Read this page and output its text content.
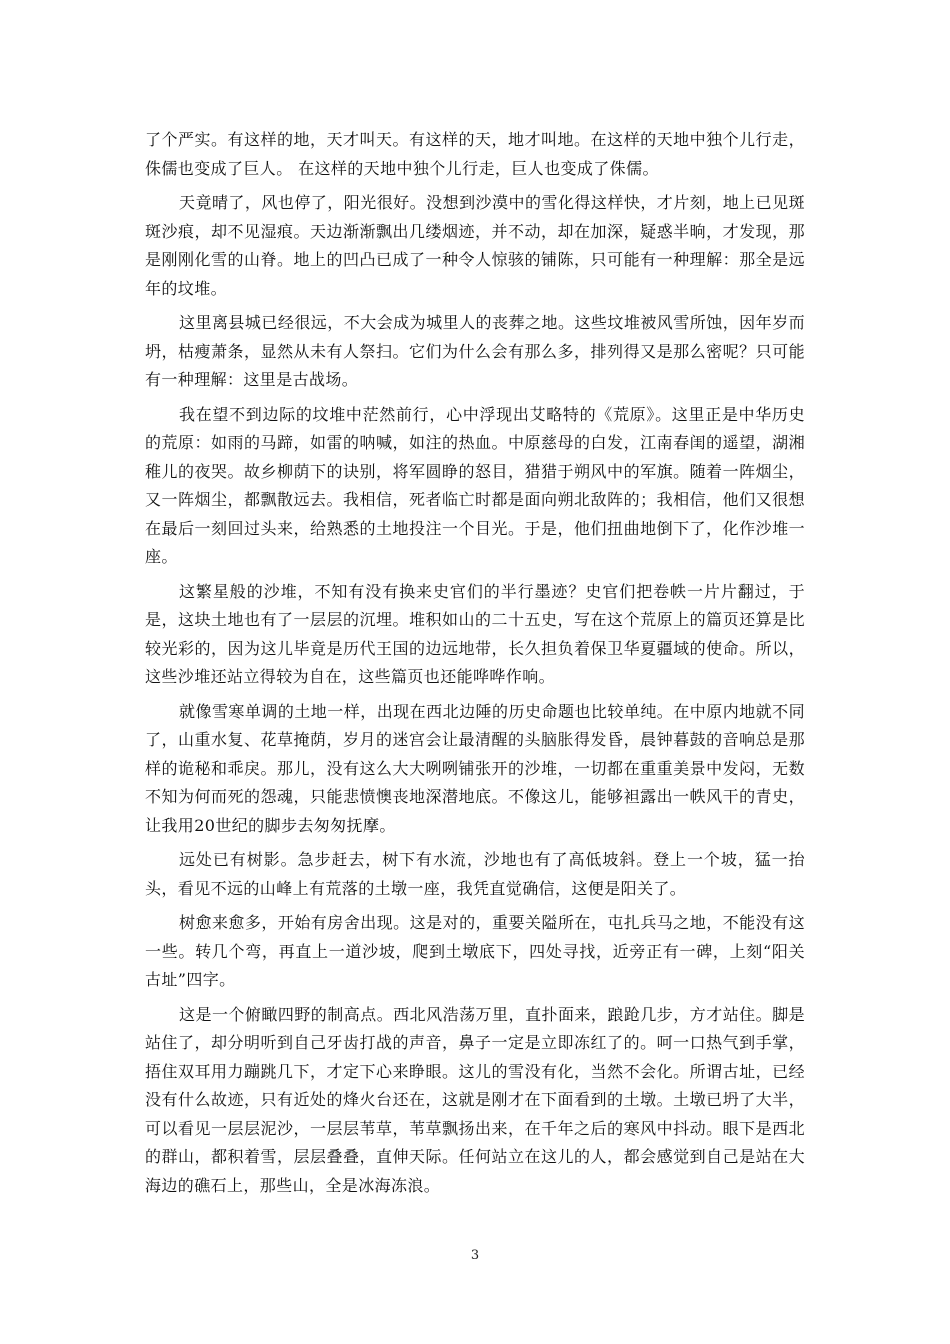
了个严实。有这样的地，天才叫天。有这样的天，地才叫地。在这样的天地中独个儿行走，侏儒也变成了巨人。 在这样的天地中独个儿行走，巨人也变成了侏儒。

天竟晴了，风也停了，阳光很好。没想到沙漠中的雪化得这样快，才片刻，地上已见斑斑沙痕，却不见湿痕。天边渐渐飘出几缕烟迹，并不动，却在加深，疑惑半晌，才发现，那是刚刚化雪的山脊。地上的凹凸已成了一种令人惊骇的铺陈，只可能有一种理解：那全是远年的坟堆。

这里离县城已经很远，不大会成为城里人的丧葬之地。这些坟堆被风雪所蚀，因年岁而坍，枯瘦萧条，显然从未有人祭扫。它们为什么会有那么多，排列得又是那么密呢？只可能有一种理解：这里是古战场。

我在望不到边际的坟堆中茫然前行，心中浮现出艾略特的《荒原》。这里正是中华历史的荒原：如雨的马蹄，如雷的呐喊，如注的热血。中原慈母的白发，江南春闺的遥望，湖湘稚儿的夜哭。故乡柳荫下的诀别，将军圆睁的怒目，猎猎于朔风中的军旗。随着一阵烟尘，又一阵烟尘，都飘散远去。我相信，死者临亡时都是面向朔北敌阵的；我相信，他们又很想在最后一刻回过头来，给熟悉的土地投注一个目光。于是，他们扭曲地倒下了，化作沙堆一座。

这繁星般的沙堆，不知有没有换来史官们的半行墨迹？史官们把卷帙一片片翻过，于是，这块土地也有了一层层的沉埋。堆积如山的二十五史，写在这个荒原上的篇页还算是比较光彩的，因为这儿毕竟是历代王国的边远地带，长久担负着保卫华夏疆域的使命。所以，这些沙堆还站立得较为自在，这些篇页也还能哗哗作响。

就像雪寒单调的土地一样，出现在西北边陲的历史命题也比较单纯。在中原内地就不同了，山重水复、花草掩荫，岁月的迷宫会让最清醒的头脑胀得发昏，晨钟暮鼓的音响总是那样的诡秘和乖戾。那儿，没有这么大大咧咧铺张开的沙堆，一切都在重重美景中发闷，无数不知为何而死的怨魂，只能悲愤懊丧地深潜地底。不像这儿，能够袒露出一帙风干的青史，让我用20世纪的脚步去匆匆抚摩。

远处已有树影。急步赶去，树下有水流，沙地也有了高低坡斜。登上一个坡，猛一抬头，看见不远的山峰上有荒落的土墩一座，我凭直觉确信，这便是阳关了。

树愈来愈多，开始有房舍出现。这是对的，重要关隘所在，屯扎兵马之地，不能没有这一些。转几个弯，再直上一道沙坡，爬到土墩底下，四处寻找，近旁正有一碑，上刻“阳关古址”四字。

这是一个俯瞰四野的制高点。西北风浩荡万里，直扑面来，踉跄几步，方才站住。脚是站住了，却分明听到自己牙齿打战的声音，鼻子一定是立即冻红了的。呵一口热气到手掌，捂住双耳用力蹦跳几下，才定下心来睁眼。这儿的雪没有化，当然不会化。所谓古址，已经没有什么故迹，只有近处的烽火台还在，这就是刚才在下面看到的土墩。土墩已坍了大半，可以看见一层层泥沙，一层层苇草，苇草飘扬出来，在千年之后的寒风中抖动。眼下是西北的群山，都积着雪，层层叠叠，直伸天际。任何站立在这儿的人，都会感觉到自己是站在大海边的礁石上，那些山，全是冰海冻浪。

3
